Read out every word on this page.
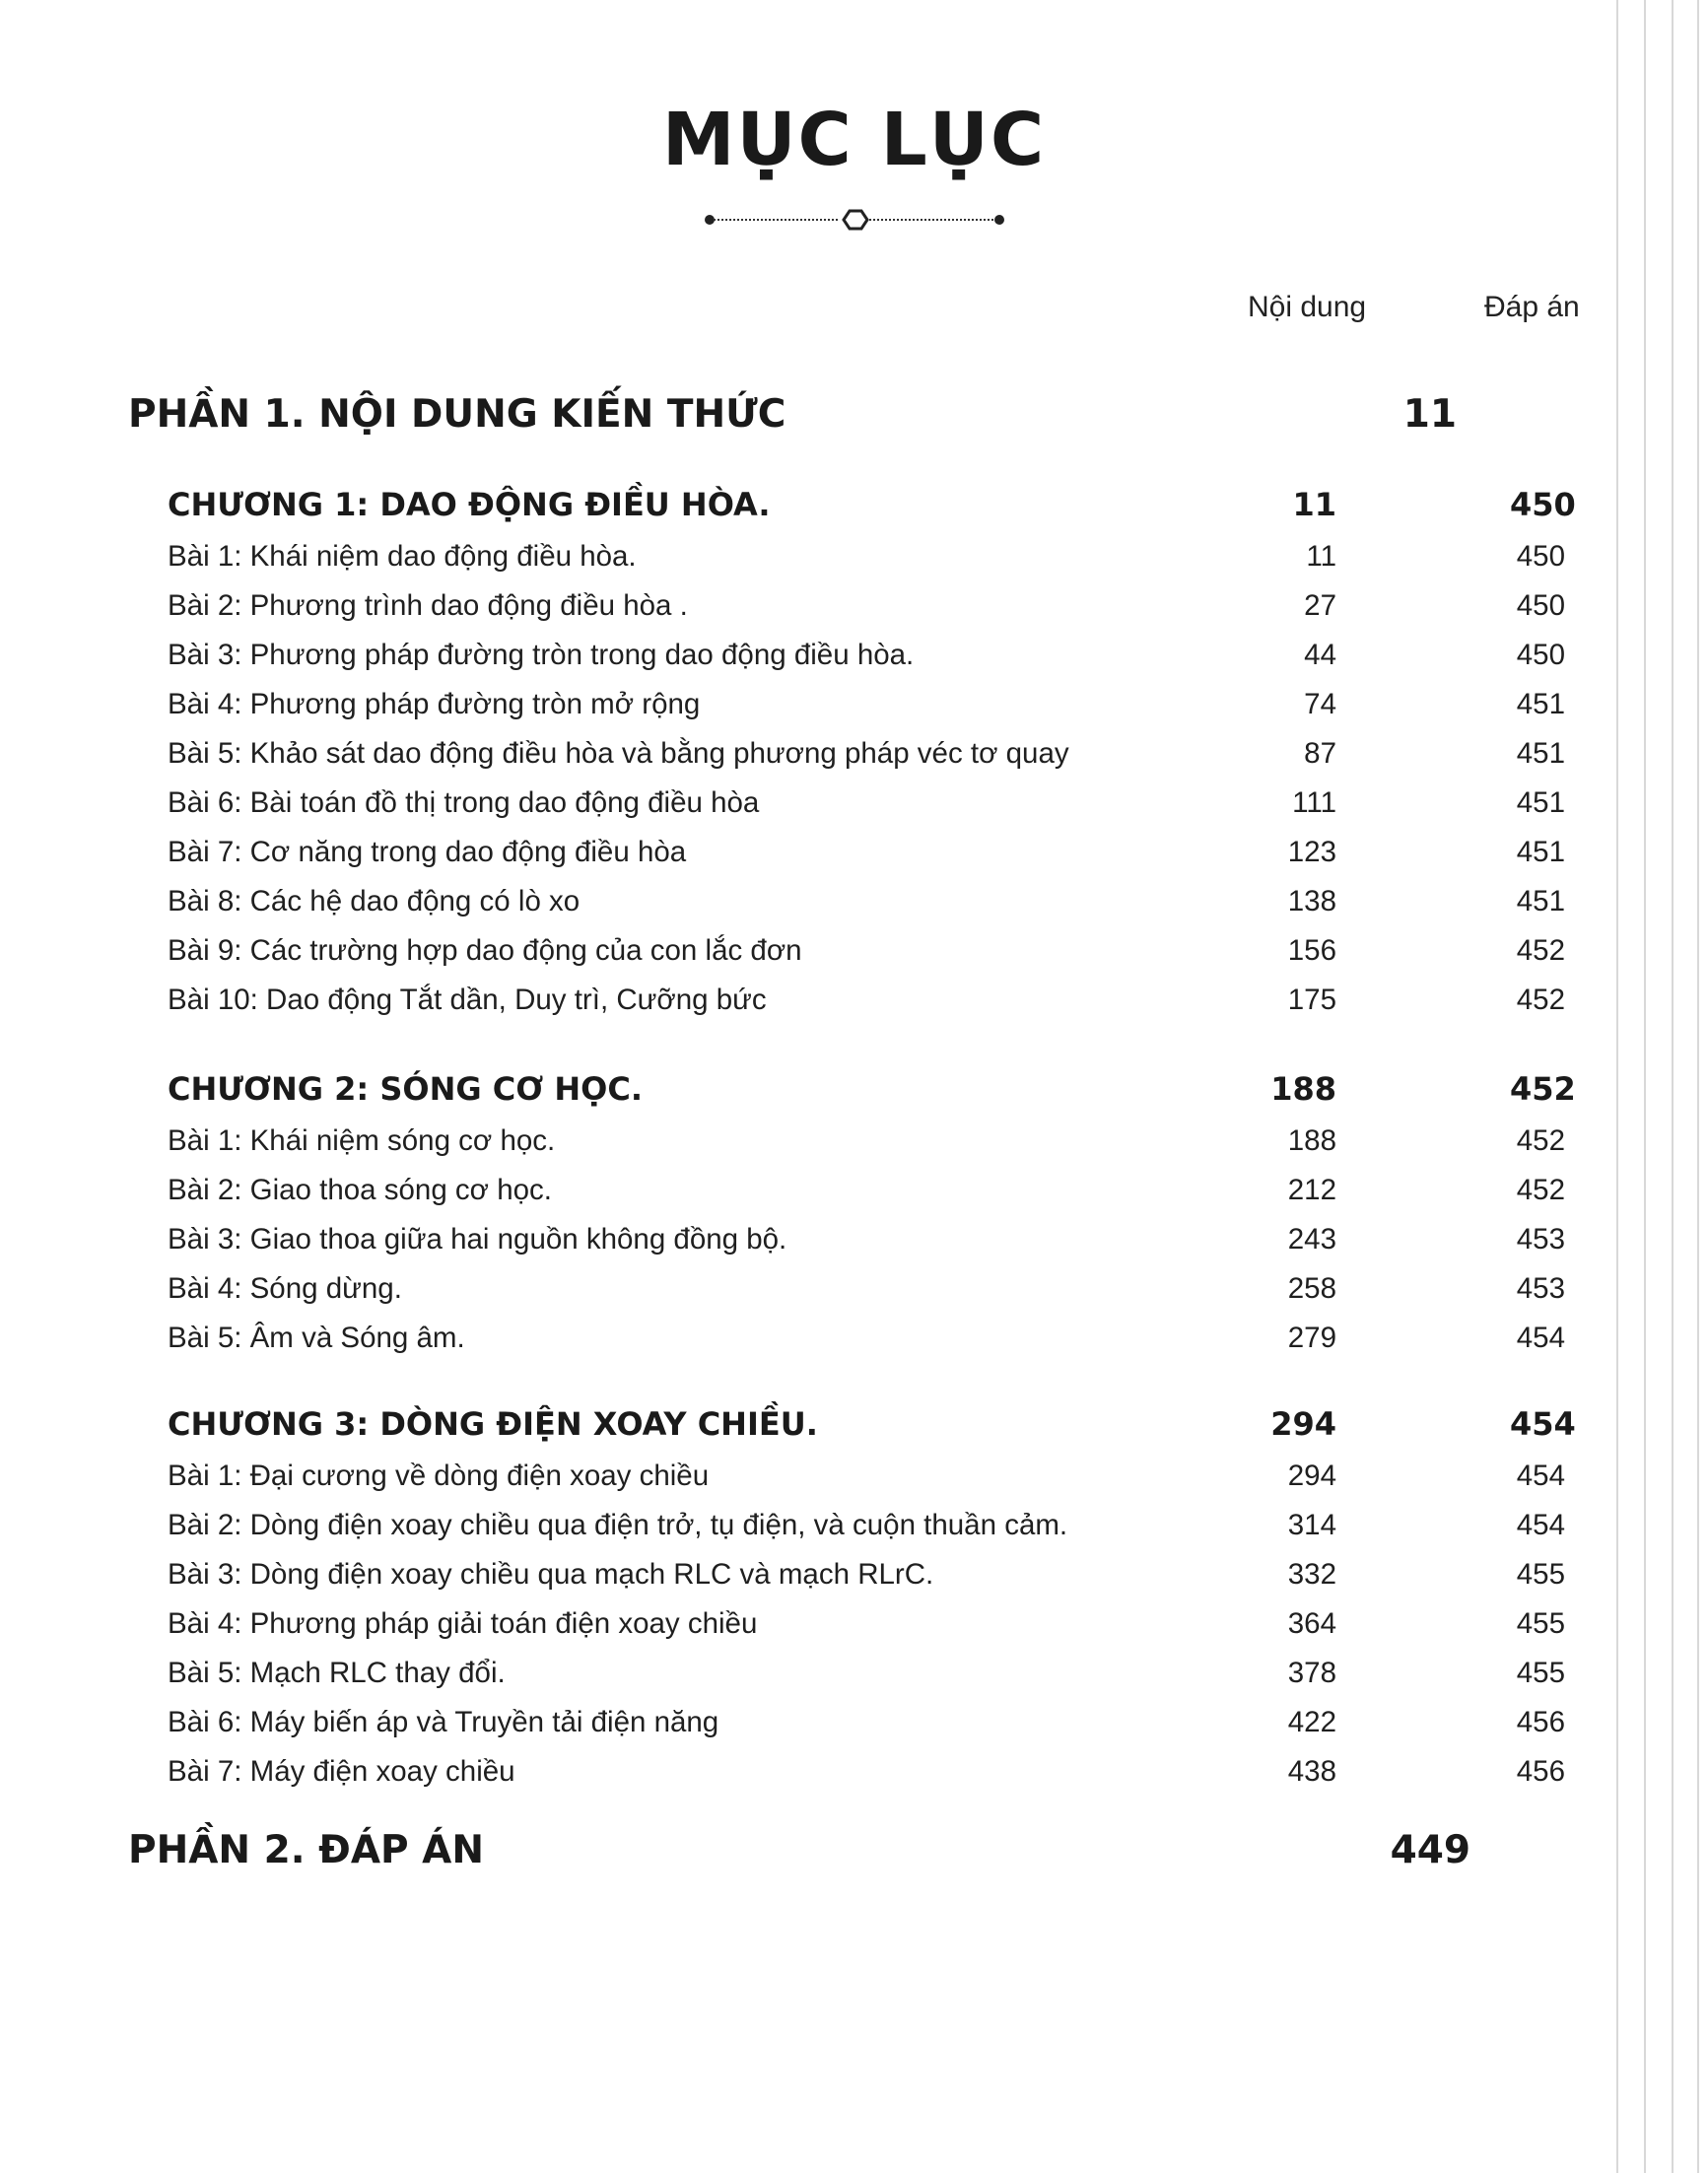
MỤC LỤC
Nội dung	Đáp án
PHẦN 1. NỘI DUNG KIẾN THỨC	11
CHƯƠNG 1: DAO ĐỘNG ĐIỀU HÒA.	11	450
Bài 1: Khái niệm dao động điều hòa.	11	450
Bài 2: Phương trình dao động điều hòa .	27	450
Bài 3: Phương pháp đường tròn trong dao động điều hòa.	44	450
Bài 4: Phương pháp đường tròn mở rộng	74	451
Bài 5: Khảo sát dao động điều hòa và bằng phương pháp véc tơ quay	87	451
Bài 6: Bài toán đồ thị trong dao động điều hòa	111	451
Bài 7: Cơ năng trong dao động điều hòa	123	451
Bài 8: Các hệ dao động có lò xo	138	451
Bài 9: Các trường hợp dao động của con lắc đơn	156	452
Bài 10: Dao động Tắt dần, Duy trì, Cưỡng bức	175	452
CHƯƠNG 2: SÓNG CƠ HỌC.	188	452
Bài 1: Khái niệm sóng cơ học.	188	452
Bài 2: Giao thoa sóng cơ học.	212	452
Bài 3: Giao thoa giữa hai nguồn không đồng bộ.	243	453
Bài 4: Sóng dừng.	258	453
Bài 5: Âm và Sóng âm.	279	454
CHƯƠNG 3: DÒNG ĐIỆN XOAY CHIỀU.	294	454
Bài 1: Đại cương về dòng điện xoay chiều	294	454
Bài 2: Dòng điện xoay chiều qua điện trở, tụ điện, và cuộn thuần cảm.	314	454
Bài 3: Dòng điện xoay chiều qua mạch RLC và mạch RLrC.	332	455
Bài 4: Phương pháp giải toán điện xoay chiều	364	455
Bài 5: Mạch RLC thay đổi.	378	455
Bài 6: Máy biến áp và Truyền tải điện năng	422	456
Bài 7: Máy điện xoay chiều	438	456
PHẦN 2. ĐÁP ÁN	449
